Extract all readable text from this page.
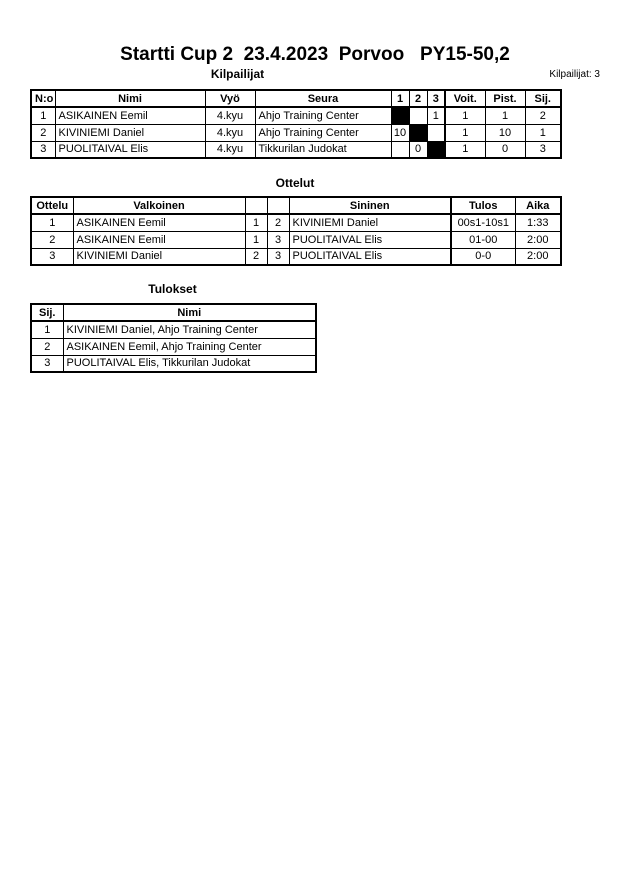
Startti Cup 2  23.4.2023  Porvoo   PY15-50,2
Kilpailijat: 3
Kilpailijat
N:o	Nimi	Vyö	Seura	1	2	3	Voit.	Pist.	Sij.
1	ASIKAINEN Eemil	4.kyu	Ahjo Training Center			1	1	1	2
2	KIVINIEMI Daniel	4.kyu	Ahjo Training Center	10			1	10	1
3	PUOLITAIVAL Elis	4.kyu	Tikkurilan Judokat		0		1	0	3
Ottelut
Ottelu	Valkoinen			Sininen	Tulos	Aika
1	ASIKAINEN Eemil	1	2	KIVINIEMI Daniel	00s1-10s1	1:33
2	ASIKAINEN Eemil	1	3	PUOLITAIVAL Elis	01-00	2:00
3	KIVINIEMI Daniel	2	3	PUOLITAIVAL Elis	0-0	2:00
Tulokset
Sij.	Nimi
1	KIVINIEMI Daniel, Ahjo Training Center
2	ASIKAINEN Eemil, Ahjo Training Center
3	PUOLITAIVAL Elis, Tikkurilan Judokat
